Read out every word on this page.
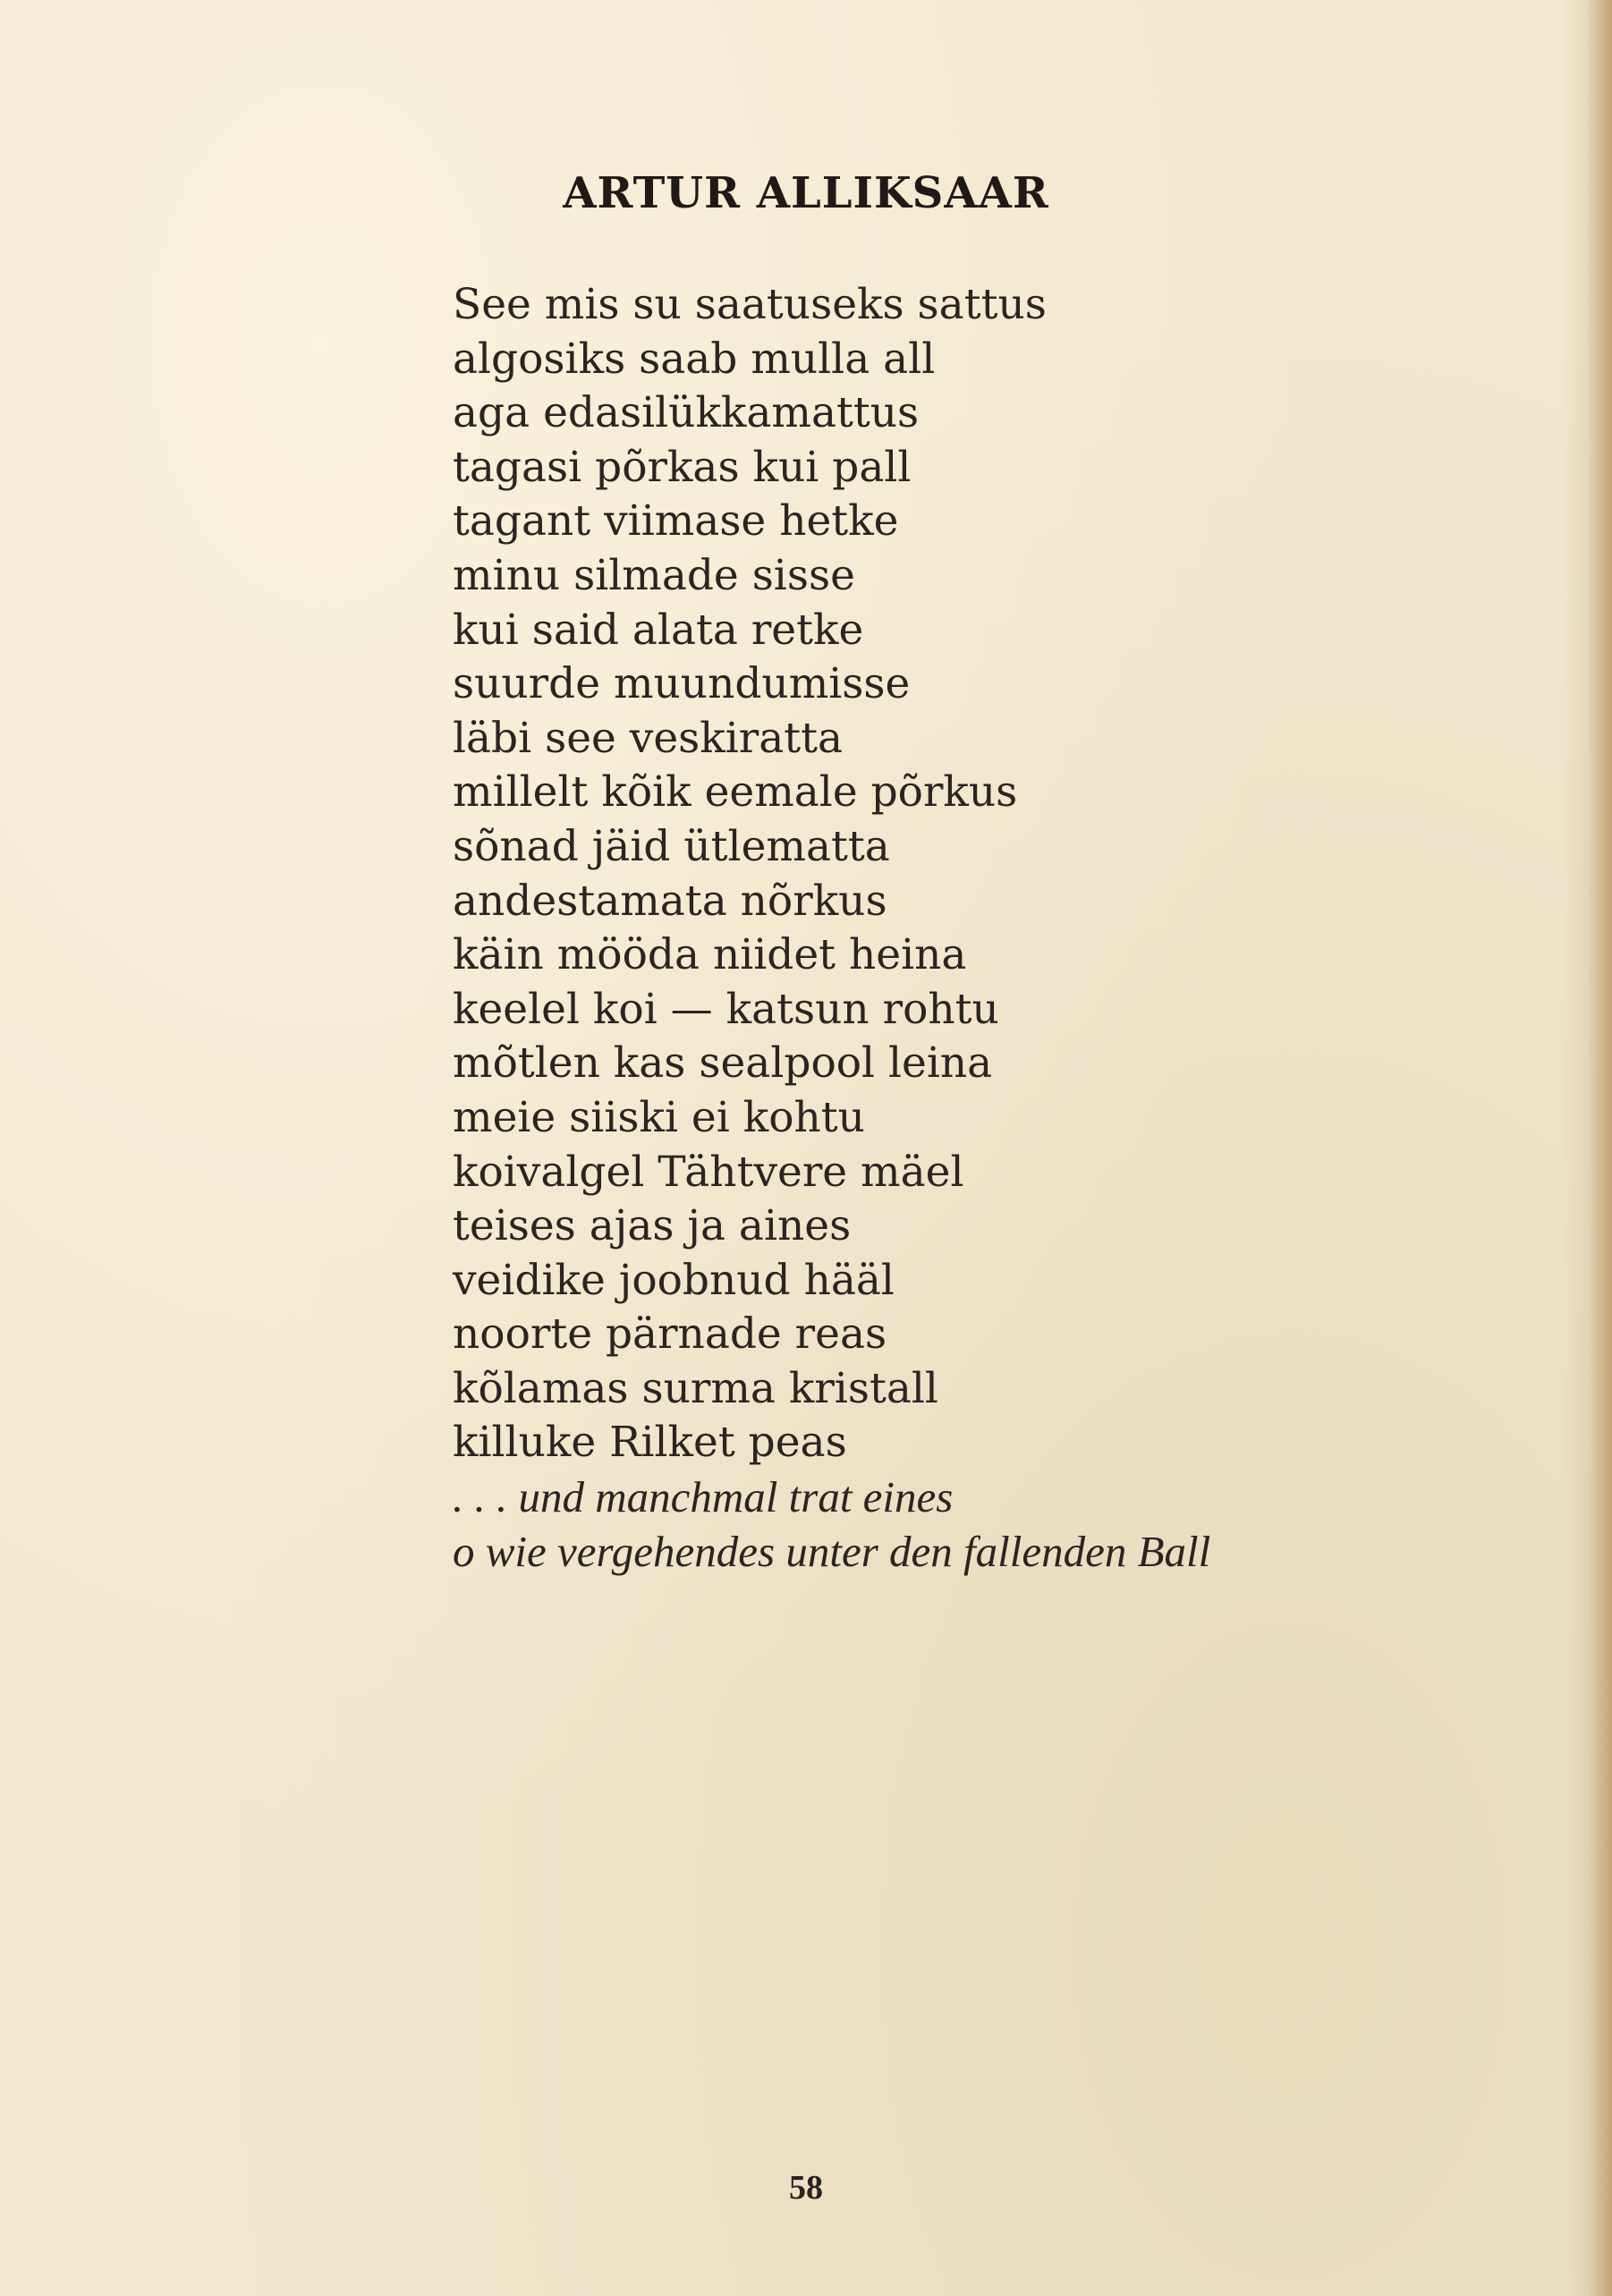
ARTUR ALLIKSAAR
See mis su saatuseks sattus
algosiks saab mulla all
aga edasilükkamattus
tagasi põrkas kui pall
tagant viimase hetke
minu silmade sisse
kui said alata retke
suurde muundumisse
läbi see veskiratta
millelt kõik eemale põrkus
sõnad jäid ütlematta
andestamata nõrkus
käin mööda niidet heina
keelel koi — katsun rohtu
mõtlen kas sealpool leina
meie siiski ei kohtu
koivalgel Tähtvere mäel
teises ajas ja aines
veidike joobnud hääl
noorte pärnade reas
kõlamas surma kristall
killuke Rilket peas
. . . und manchmal trat eines
o wie vergehendes unter den fallenden Ball
58
